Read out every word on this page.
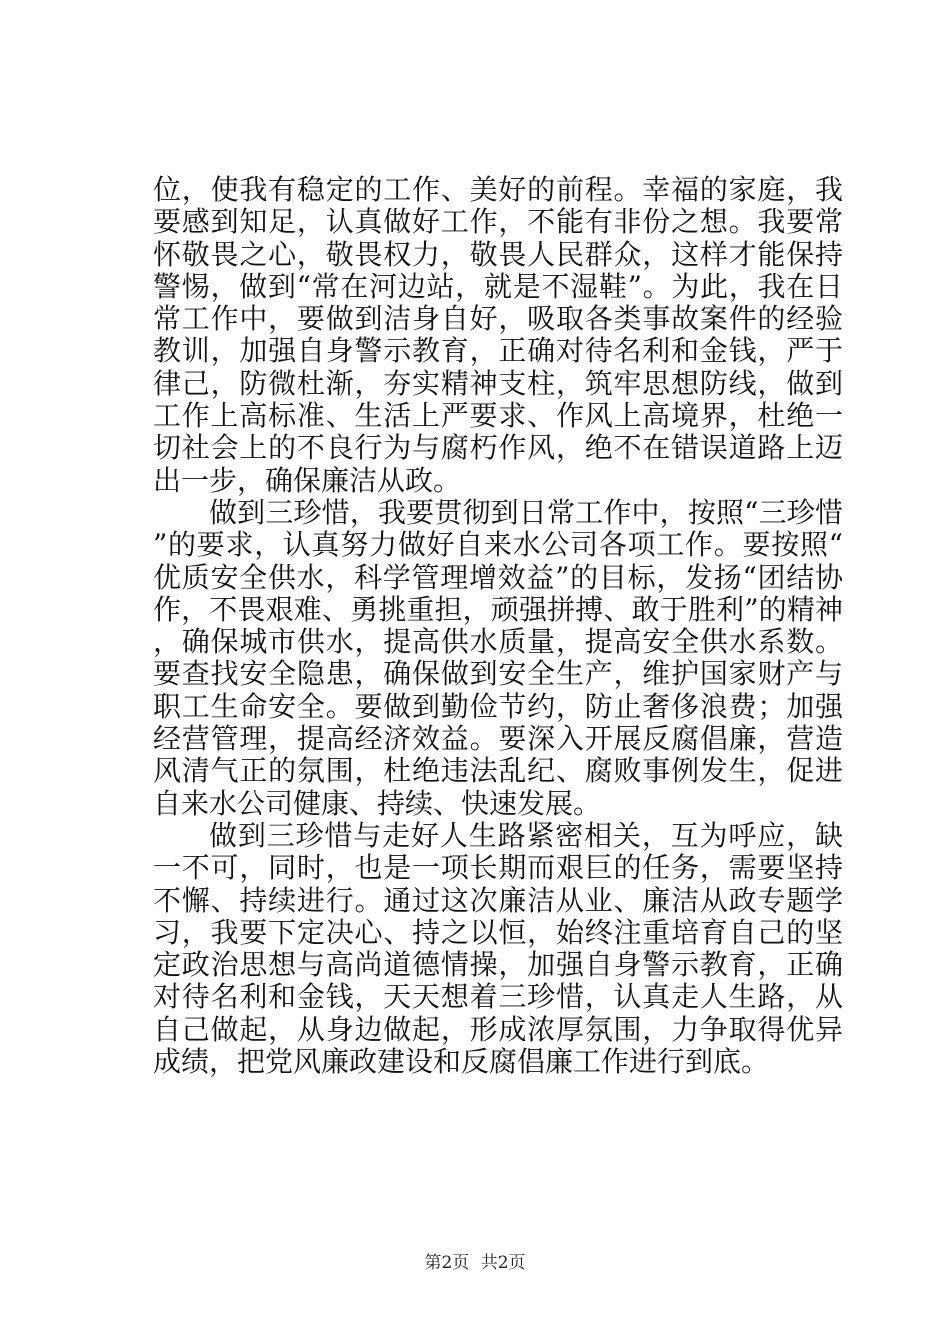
位，使我有稳定的工作、美好的前程。幸福的家庭，我要感到知足，认真做好工作，不能有非份之想。我要常怀敬畏之心，敬畏权力，敬畏人民群众，这样才能保持警惕，做到“常在河边站，就是不湿鞋”。为此，我在日常工作中，要做到洁身自好，吸取各类事故案件的经验教训，加强自身警示教育，正确对待名利和金钱，严于律己，防微杜渐，夯实精神支柱，筑牢思想防线，做到工作上高标准、生活上严要求、作风上高境界，杜绝一切社会上的不良行为与腐朽作风，绝不在错误道路上迈出一步，确保廉洁从政。

做到三珍惜，我要贯彻到日常工作中，按照“三珍惜”的要求，认真努力做好自来水公司各项工作。要按照“优质安全供水，科学管理增效益”的目标，发扬“团结协作，不畏艰难、勇挑重担，顽强拼搏、敢于胜利”的精神，确保城市供水，提高供水质量，提高安全供水系数。要查找安全隐患，确保做到安全生产，维护国家财产与职工生命安全。要做到勤俭节约，防止奢侈浪费；加强经营管理，提高经济效益。要深入开展反腐倡廉，营造风清气正的氛围，杜绝违法乱纪、腐败事例发生，促进自来水公司健康、持续、快速发展。

做到三珍惜与走好人生路紧密相关，互为呼应，缺一不可，同时，也是一项长期而艰巨的任务，需要坚持不懈、持续进行。通过这次廉洁从业、廉洁从政专题学习，我要下定决心、持之以恒，始终注重培育自己的坚定政治思想与高尚道德情操，加强自身警示教育，正确对待名利和金钱，天天想着三珍惜，认真走人生路，从自己做起，从身边做起，形成浓厚氛围，力争取得优异成绩，把党风廉政建设和反腐倡廉工作进行到底。

第2页 共2页
